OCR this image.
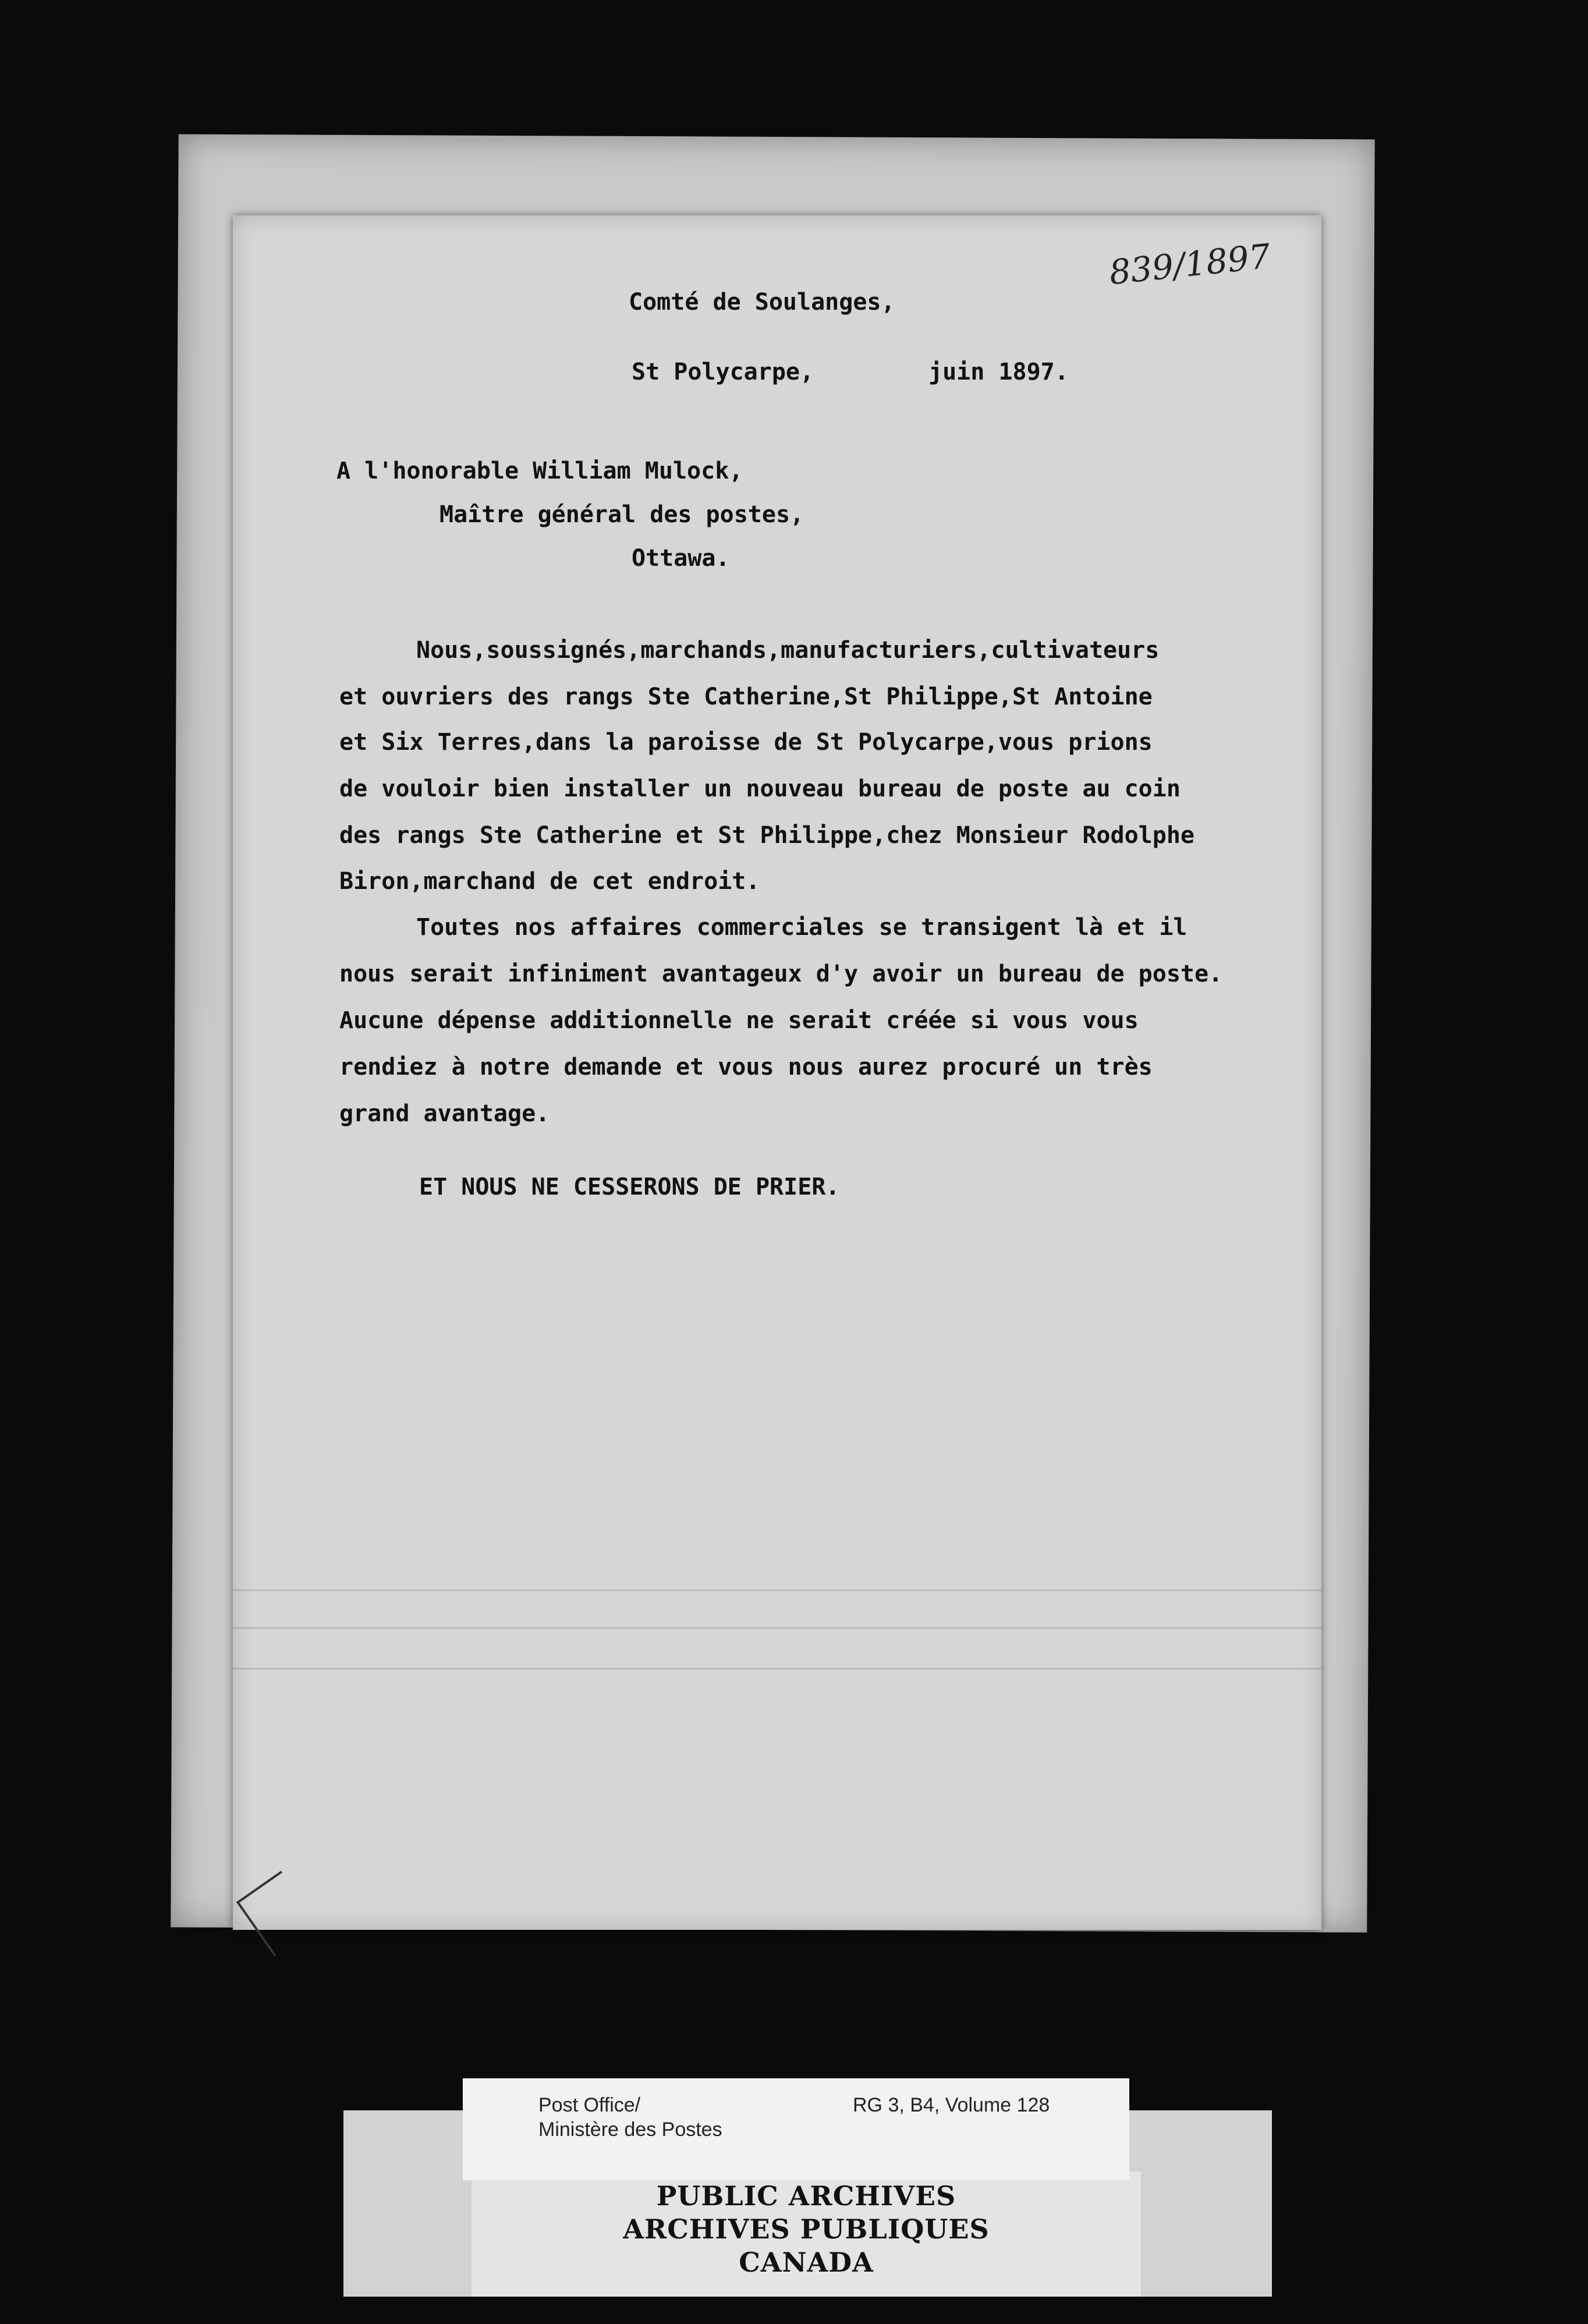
839/1897
Comté de Soulanges,
St Polycarpe,	juin 1897.
A l'honorable William Mulock,
Maître général des postes,
Ottawa.
Nous,soussignés,marchands,manufacturiers,cultivateurs
et ouvriers des rangs Ste Catherine,St Philippe,St Antoine
et Six Terres,dans la paroisse de St Polycarpe,vous prions
de vouloir bien installer un nouveau bureau de poste au coin
des rangs Ste Catherine et St Philippe,chez Monsieur Rodolphe
Biron,marchand de cet endroit.
Toutes nos affaires commerciales se transigent là et il
nous serait infiniment avantageux d'y avoir un bureau de poste.
Aucune dépense additionnelle ne serait créée si vous vous
rendiez à notre demande et vous nous aurez procuré un très
grand avantage.
ET NOUS NE CESSERONS DE PRIER.
PUBLIC ARCHIVES
ARCHIVES PUBLIQUES
CANADA
Post Office/
Ministère des Postes
RG 3, B4, Volume 128
